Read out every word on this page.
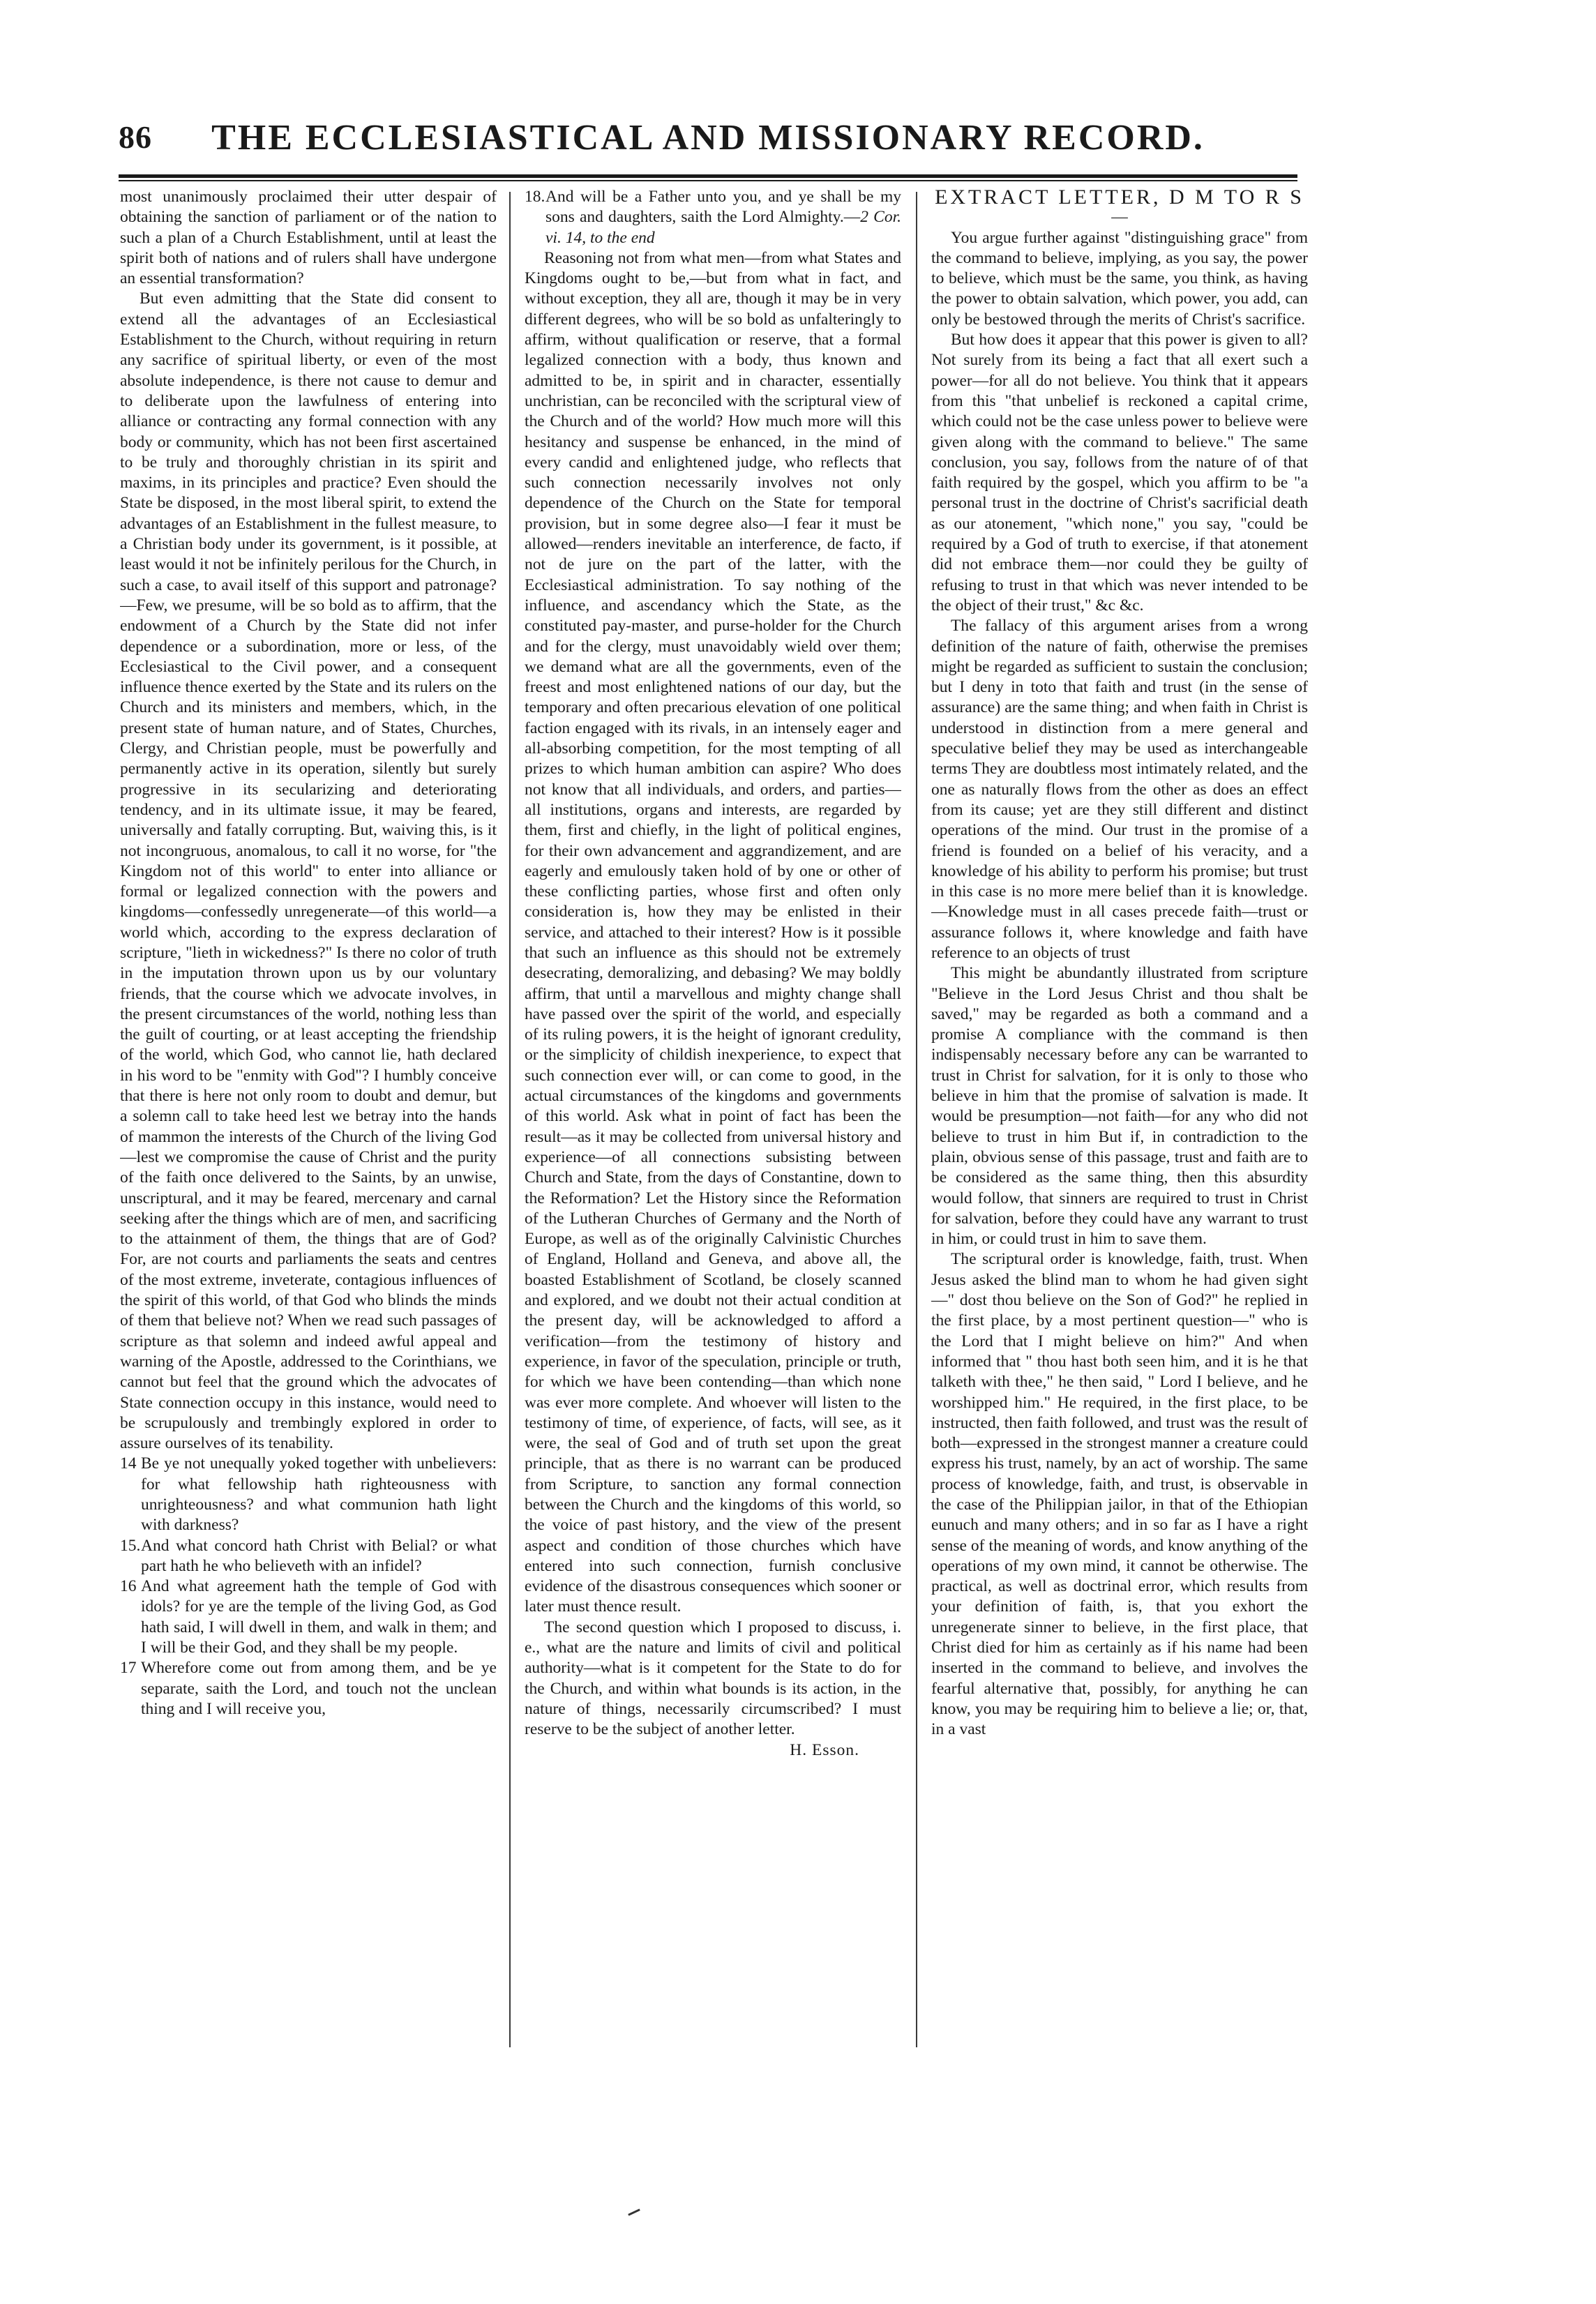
86	THE ECCLESIASTICAL AND MISSIONARY RECORD.

most unanimously proclaimed their utter despair of obtaining the sanction of parliament or of the nation to such a plan of a Church Establishment, until at least the spirit both of nations and of rulers shall have undergone an essential transformation?

But even admitting that the State did consent to extend all the advantages of an Ecclesiastical Establishment to the Church, without requiring in return any sacrifice of spiritual liberty, or even of the most absolute independence, is there not cause to demur and to deliberate upon the lawfulness of entering into alliance or contracting any formal connection with any body or community, which has not been first ascertained to be truly and thoroughly christian in its spirit and maxims, in its principles and practice? Even should the State be disposed, in the most liberal spirit, to extend the advantages of an Establishment in the fullest measure, to a Christian body under its government, is it possible, at least would it not be infinitely perilous for the Church, in such a case, to avail itself of this support and patronage?—Few, we presume, will be so bold as to affirm, that the endowment of a Church by the State did not infer dependence or a subordination, more or less, of the Ecclesiastical to the Civil power, and a consequent influence thence exerted by the State and its rulers on the Church and its ministers and members, which, in the present state of human nature, and of States, Churches, Clergy, and Christian people, must be powerfully and permanently active in its operation, silently but surely progressive in its secularizing and deteriorating tendency, and in its ultimate issue, it may be feared, universally and fatally corrupting. But, waiving this, is it not incongruous, anomalous, to call it no worse, for "the Kingdom not of this world" to enter into alliance or formal or legalized connection with the powers and kingdoms—confessedly unregenerate—of this world—a world which, according to the express declaration of scripture, "lieth in wickedness?" Is there no color of truth in the imputation thrown upon us by our voluntary friends, that the course which we advocate involves, in the present circumstances of the world, nothing less than the guilt of courting, or at least accepting the friendship of the world, which God, who cannot lie, hath declared in his word to be "enmity with God"? I humbly conceive that there is here not only room to doubt and demur, but a solemn call to take heed lest we betray into the hands of mammon the interests of the Church of the living God—lest we compromise the cause of Christ and the purity of the faith once delivered to the Saints, by an unwise, unscriptural, and it may be feared, mercenary and carnal seeking after the things which are of men, and sacrificing to the attainment of them, the things that are of God? For, are not courts and parliaments the seats and centres of the most extreme, inveterate, contagious influences of the spirit of this world, of that God who blinds the minds of them that believe not? When we read such passages of scripture as that solemn and indeed awful appeal and warning of the Apostle, addressed to the Corinthians, we cannot but feel that the ground which the advocates of State connection occupy in this instance, would need to be scrupulously and trembingly explored in order to assure ourselves of its tenability.

14 Be ye not unequally yoked together with unbelievers: for what fellowship hath righteousness with unrighteousness? and what communion hath light with darkness?

15.And what concord hath Christ with Belial? or what part hath he who believeth with an infidel?

16 And what agreement hath the temple of God with idols? for ye are the temple of the living God, as God hath said, I will dwell in them, and walk in them; and I will be their God, and they shall be my people.

17 Wherefore come out from among them, and be ye separate, saith the Lord, and touch not the unclean thing and I will receive you,

18.And will be a Father unto you, and ye shall be my sons and daughters, saith the Lord Almighty.—2 Cor. vi. 14, to the end

Reasoning not from what men—from what States and Kingdoms ought to be,—but from what in fact, and without exception, they all are, though it may be in very different degrees, who will be so bold as unfalteringly to affirm, without qualification or reserve, that a formal legalized connection with a body, thus known and admitted to be, in spirit and in character, essentially unchristian, can be reconciled with the scriptural view of the Church and of the world? How much more will this hesitancy and suspense be enhanced, in the mind of every candid and enlightened judge, who reflects that such connection necessarily involves not only dependence of the Church on the State for temporal provision, but in some degree also—I fear it must be allowed—renders inevitable an interference, de facto, if not de jure on the part of the latter, with the Ecclesiastical administration. To say nothing of the influence, and ascendancy which the State, as the constituted pay-master, and purse-holder for the Church and for the clergy, must unavoidably wield over them; we demand what are all the governments, even of the freest and most enlightened nations of our day, but the temporary and often precarious elevation of one political faction engaged with its rivals, in an intensely eager and all-absorbing competition, for the most tempting of all prizes to which human ambition can aspire? Who does not know that all individuals, and orders, and parties—all institutions, organs and interests, are regarded by them, first and chiefly, in the light of political engines, for their own advancement and aggrandizement, and are eagerly and emulously taken hold of by one or other of these conflicting parties, whose first and often only consideration is, how they may be enlisted in their service, and attached to their interest? How is it possible that such an influence as this should not be extremely desecrating, demoralizing, and debasing? We may boldly affirm, that until a marvellous and mighty change shall have passed over the spirit of the world, and especially of its ruling powers, it is the height of ignorant credulity, or the simplicity of childish inexperience, to expect that such connection ever will, or can come to good, in the actual circumstances of the kingdoms and governments of this world. Ask what in point of fact has been the result—as it may be collected from universal history and experience—of all connections subsisting between Church and State, from the days of Constantine, down to the Reformation? Let the History since the Reformation of the Lutheran Churches of Germany and the North of Europe, as well as of the originally Calvinistic Churches of England, Holland and Geneva, and above all, the boasted Establishment of Scotland, be closely scanned and explored, and we doubt not their actual condition at the present day, will be acknowledged to afford a verification—from the testimony of history and experience, in favor of the speculation, principle or truth, for which we have been contending—than which none was ever more complete. And whoever will listen to the testimony of time, of experience, of facts, will see, as it were, the seal of God and of truth set upon the great principle, that as there is no warrant can be produced from Scripture, to sanction any formal connection between the Church and the kingdoms of this world, so the voice of past history, and the view of the present aspect and condition of those churches which have entered into such connection, furnish conclusive evidence of the disastrous consequences which sooner or later must thence result.

The second question which I proposed to discuss, i. e., what are the nature and limits of civil and political authority—what is it competent for the State to do for the Church, and within what bounds is its action, in the nature of things, necessarily circumscribed? I must reserve to be the subject of another letter.

H. Esson.

EXTRACT LETTER, D M TO R S

—

You argue further against "distinguishing grace" from the command to believe, implying, as you say, the power to believe, which must be the same, you think, as having the power to obtain salvation, which power, you add, can only be bestowed through the merits of Christ's sacrifice.

But how does it appear that this power is given to all? Not surely from its being a fact that all exert such a power—for all do not believe. You think that it appears from this "that unbelief is reckoned a capital crime, which could not be the case unless power to believe were given along with the command to believe." The same conclusion, you say, follows from the nature of of that faith required by the gospel, which you affirm to be "a personal trust in the doctrine of Christ's sacrificial death as our atonement, "which none," you say, "could be required by a God of truth to exercise, if that atonement did not embrace them—nor could they be guilty of refusing to trust in that which was never intended to be the object of their trust," &c &c.

The fallacy of this argument arises from a wrong definition of the nature of faith, otherwise the premises might be regarded as sufficient to sustain the conclusion; but I deny in toto that faith and trust (in the sense of assurance) are the same thing; and when faith in Christ is understood in distinction from a mere general and speculative belief they may be used as interchangeable terms They are doubtless most intimately related, and the one as naturally flows from the other as does an effect from its cause; yet are they still different and distinct operations of the mind. Our trust in the promise of a friend is founded on a belief of his veracity, and a knowledge of his ability to perform his promise; but trust in this case is no more mere belief than it is knowledge.—Knowledge must in all cases precede faith—trust or assurance follows it, where knowledge and faith have reference to an objects of trust

This might be abundantly illustrated from scripture "Believe in the Lord Jesus Christ and thou shalt be saved," may be regarded as both a command and a promise A compliance with the command is then indispensably necessary before any can be warranted to trust in Christ for salvation, for it is only to those who believe in him that the promise of salvation is made. It would be presumption—not faith—for any who did not believe to trust in him But if, in contradiction to the plain, obvious sense of this passage, trust and faith are to be considered as the same thing, then this absurdity would follow, that sinners are required to trust in Christ for salvation, before they could have any warrant to trust in him, or could trust in him to save them.

The scriptural order is knowledge, faith, trust. When Jesus asked the blind man to whom he had given sight—" dost thou believe on the Son of God?" he replied in the first place, by a most pertinent question—" who is the Lord that I might believe on him?" And when informed that " thou hast both seen him, and it is he that talketh with thee," he then said, " Lord I believe, and he worshipped him." He required, in the first place, to be instructed, then faith followed, and trust was the result of both—expressed in the strongest manner a creature could express his trust, namely, by an act of worship. The same process of knowledge, faith, and trust, is observable in the case of the Philippian jailor, in that of the Ethiopian eunuch and many others; and in so far as I have a right sense of the meaning of words, and know anything of the operations of my own mind, it cannot be otherwise. The practical, as well as doctrinal error, which results from your definition of faith, is, that you exhort the unregenerate sinner to believe, in the first place, that Christ died for him as certainly as if his name had been inserted in the command to believe, and involves the fearful alternative that, possibly, for anything he can know, you may be requiring him to believe a lie; or, that, in a vast
